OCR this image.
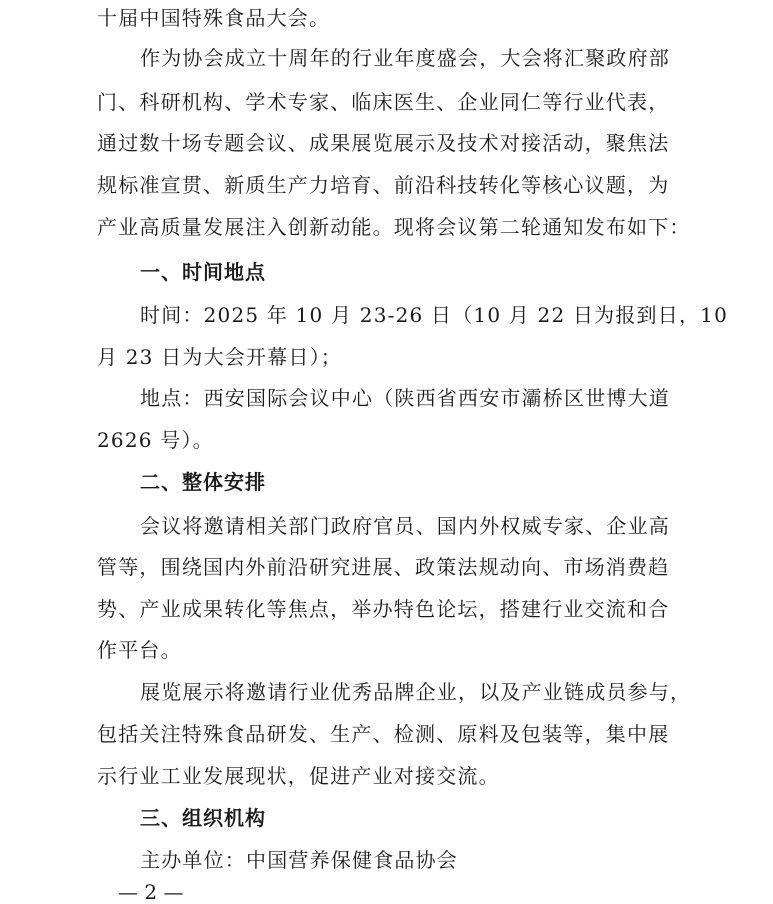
十届中国特殊食品大会。
作为协会成立十周年的行业年度盛会，大会将汇聚政府部
门、科研机构、学术专家、临床医生、企业同仁等行业代表，
通过数十场专题会议、成果展览展示及技术对接活动，聚焦法
规标准宣贯、新质生产力培育、前沿科技转化等核心议题，为
产业高质量发展注入创新动能。现将会议第二轮通知发布如下：
一、时间地点
时间：2025 年 10 月 23-26 日（10 月 22 日为报到日，10
月 23 日为大会开幕日）；
地点：西安国际会议中心（陕西省西安市灞桥区世博大道
2626 号）。
二、整体安排
会议将邀请相关部门政府官员、国内外权威专家、企业高
管等，围绕国内外前沿研究进展、政策法规动向、市场消费趋
势、产业成果转化等焦点，举办特色论坛，搭建行业交流和合
作平台。
展览展示将邀请行业优秀品牌企业，以及产业链成员参与，
包括关注特殊食品研发、生产、检测、原料及包装等，集中展
示行业工业发展现状，促进产业对接交流。
三、组织机构
主办单位：中国营养保健食品协会
— 2 —
